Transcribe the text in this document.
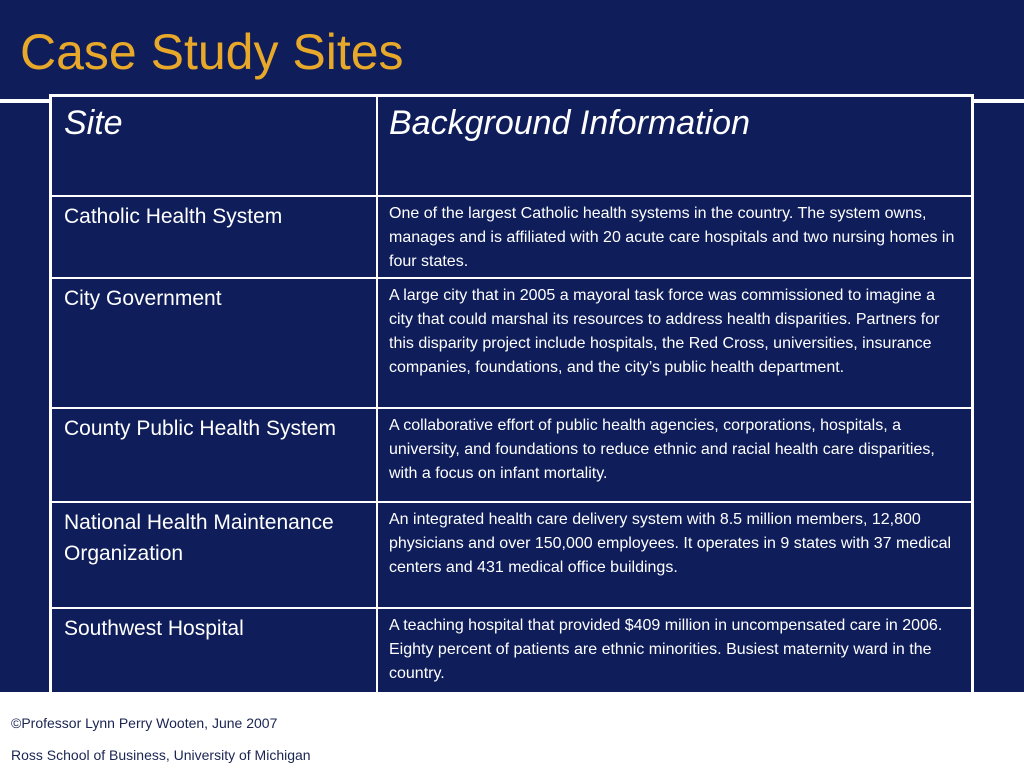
Case Study Sites
Site	Background Information

Catholic Health System	One of the largest Catholic health systems in the country. The system owns, manages and is affiliated with 20 acute care hospitals and two nursing homes in four states.

City Government	A large city that in 2005 a mayoral task force was commissioned to imagine a city that could marshal its resources to address health disparities. Partners for this disparity project include hospitals, the Red Cross, universities, insurance companies, foundations, and the city’s public health department.

County Public Health System	A collaborative effort of public health agencies, corporations, hospitals, a university, and foundations to reduce ethnic and racial health care disparities, with a focus on infant mortality.

National Health Maintenance Organization	An integrated health care delivery system with 8.5 million members, 12,800 physicians and over 150,000 employees. It operates in 9 states with 37 medical centers and 431 medical office buildings.

Southwest Hospital	A teaching hospital that provided $409 million in uncompensated care in 2006. Eighty percent of patients are ethnic minorities. Busiest maternity ward in the country.
©Professor Lynn Perry Wooten, June 2007
Ross School of Business, University of Michigan
